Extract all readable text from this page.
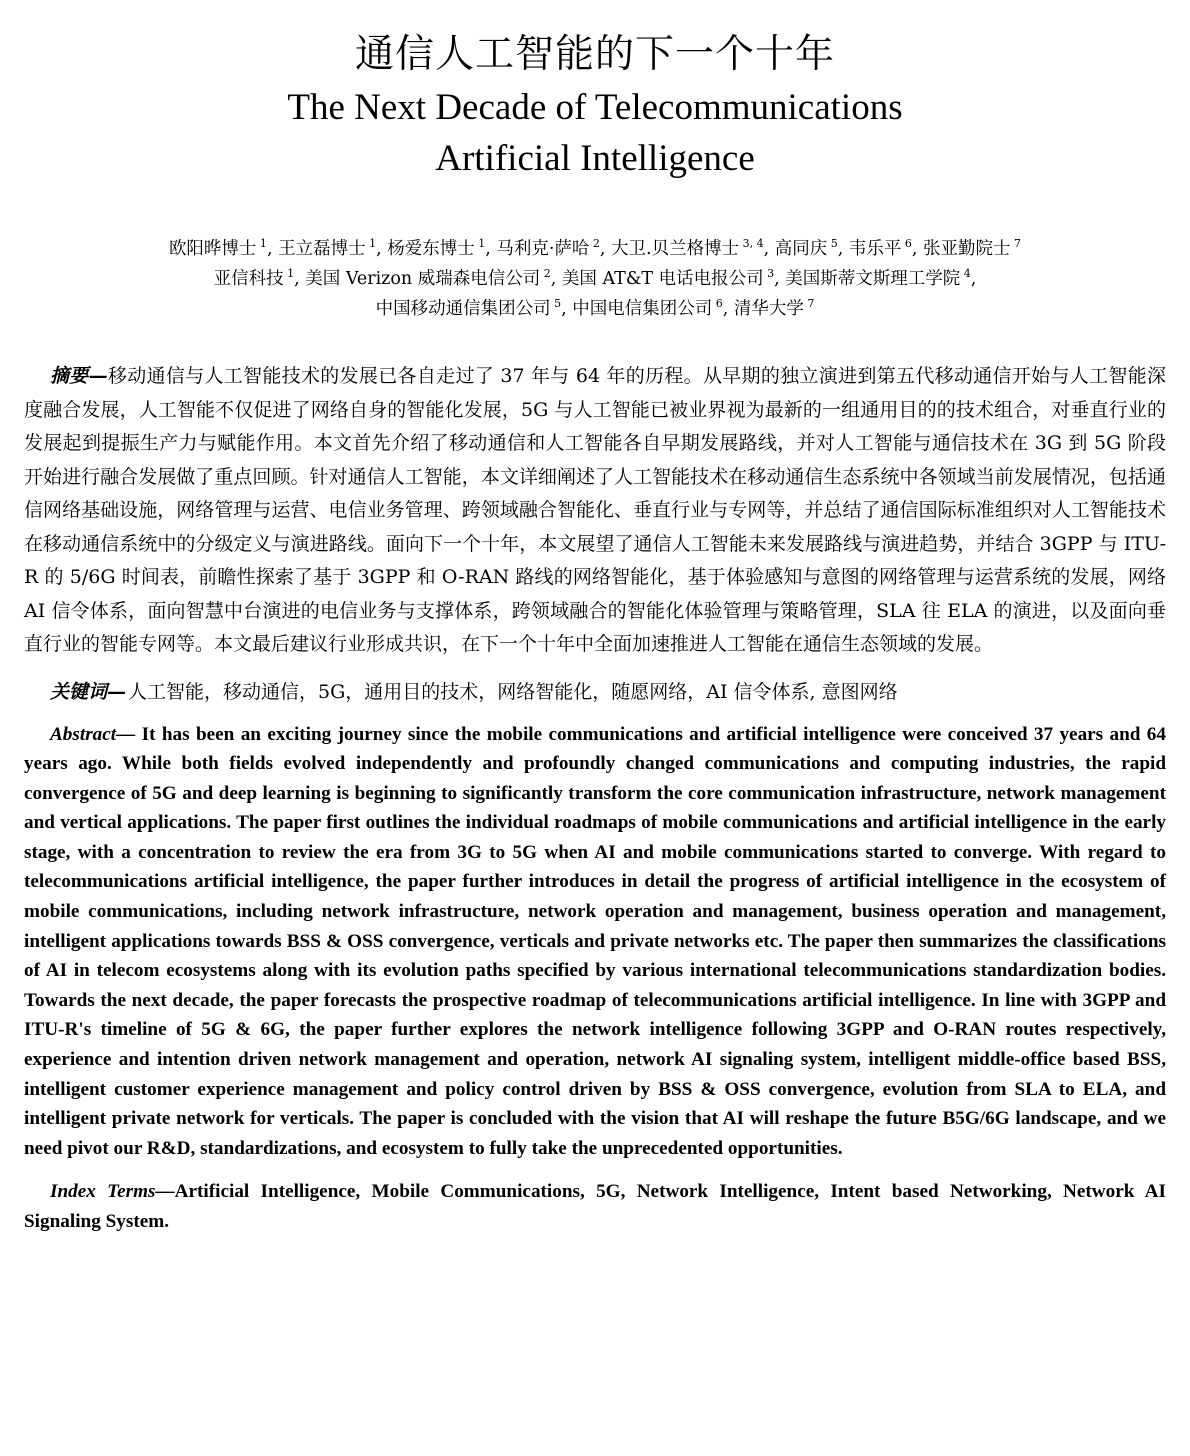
通信人工智能的下一个十年
The Next Decade of Telecommunications
Artificial Intelligence
欧阳晔博士 $^1$, 王立磊博士 $^1$, 杨爱东博士 $^1$, 马利克·萨哈 $^2$, 大卫.贝兰格博士 $^{3, 4}$, 高同庆 $^5$, 韦乐平 $^6$, 张亚勤院士 $^7$
亚信科技 $^1$, 美国 Verizon 威瑞森电信公司 $^2$, 美国 AT&T 电话电报公司 $^3$, 美国斯蒂文斯理工学院 $^4$,
中国移动通信集团公司 $^5$, 中国电信集团公司 $^6$, 清华大学 $^7$
摘要—移动通信与人工智能技术的发展已各自走过了 37 年与 64 年的历程。从早期的独立演进到第五代移动通信开始与人工智能深度融合发展，人工智能不仅促进了网络自身的智能化发展，5G 与人工智能已被业界视为最新的一组通用目的的技术组合，对垂直行业的发展起到提振生产力与赋能作用。本文首先介绍了移动通信和人工智能各自早期发展路线，并对人工智能与通信技术在 3G 到 5G 阶段开始进行融合发展做了重点回顾。针对通信人工智能，本文详细阐述了人工智能技术在移动通信生态系统中各领域当前发展情况，包括通信网络基础设施，网络管理与运营、电信业务管理、跨领域融合智能化、垂直行业与专网等，并总结了通信国际标准组织对人工智能技术在移动通信系统中的分级定义与演进路线。面向下一个十年，本文展望了通信人工智能未来发展路线与演进趋势，并结合 3GPP 与 ITU-R 的 5/6G 时间表，前瞻性探索了基于 3GPP 和 O-RAN 路线的网络智能化，基于体验感知与意图的网络管理与运营系统的发展，网络 AI 信令体系，面向智慧中台演进的电信业务与支撑体系，跨领域融合的智能化体验管理与策略管理，SLA 往 ELA 的演进，以及面向垂直行业的智能专网等。本文最后建议行业形成共识，在下一个十年中全面加速推进人工智能在通信生态领域的发展。
关键词— 人工智能，移动通信，5G，通用目的技术，网络智能化，随愿网络，AI 信令体系, 意图网络
Abstract— It has been an exciting journey since the mobile communications and artificial intelligence were conceived 37 years and 64 years ago. While both fields evolved independently and profoundly changed communications and computing industries, the rapid convergence of 5G and deep learning is beginning to significantly transform the core communication infrastructure, network management and vertical applications. The paper first outlines the individual roadmaps of mobile communications and artificial intelligence in the early stage, with a concentration to review the era from 3G to 5G when AI and mobile communications started to converge. With regard to telecommunications artificial intelligence, the paper further introduces in detail the progress of artificial intelligence in the ecosystem of mobile communications, including network infrastructure, network operation and management, business operation and management, intelligent applications towards BSS & OSS convergence, verticals and private networks etc. The paper then summarizes the classifications of AI in telecom ecosystems along with its evolution paths specified by various international telecommunications standardization bodies. Towards the next decade, the paper forecasts the prospective roadmap of telecommunications artificial intelligence. In line with 3GPP and ITU-R's timeline of 5G & 6G, the paper further explores the network intelligence following 3GPP and O-RAN routes respectively, experience and intention driven network management and operation, network AI signaling system, intelligent middle-office based BSS, intelligent customer experience management and policy control driven by BSS & OSS convergence, evolution from SLA to ELA, and intelligent private network for verticals. The paper is concluded with the vision that AI will reshape the future B5G/6G landscape, and we need pivot our R&D, standardizations, and ecosystem to fully take the unprecedented opportunities.
Index Terms—Artificial Intelligence, Mobile Communications, 5G, Network Intelligence, Intent based Networking, Network AI Signaling System.
